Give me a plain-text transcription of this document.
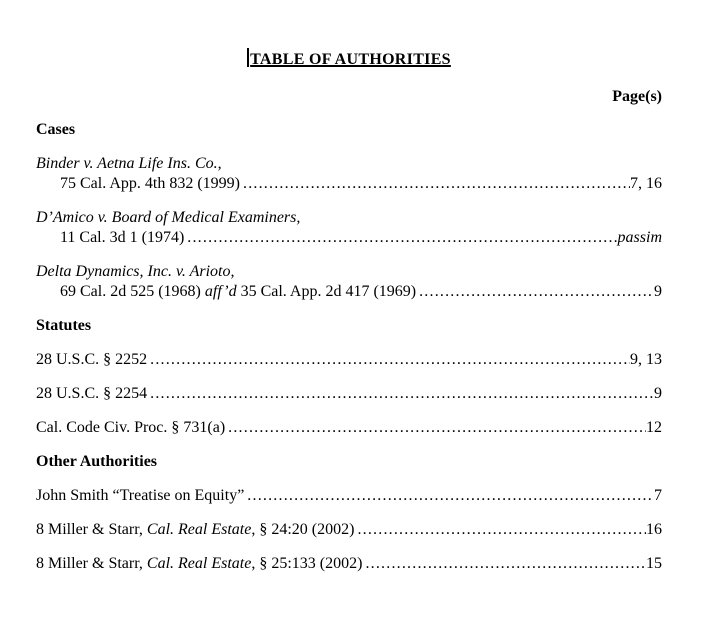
TABLE OF AUTHORITIES
Page(s)
Cases
Binder v. Aetna Life Ins. Co.,
75 Cal. App. 4th 832 (1999) .....	7, 16
D’Amico v. Board of Medical Examiners,
11 Cal. 3d 1 (1974) .....	passim
Delta Dynamics, Inc. v. Arioto,
69 Cal. 2d 525 (1968) aff’d 35 Cal. App. 2d 417 (1969) .....	9
Statutes
28 U.S.C. § 2252 .....	9, 13
28 U.S.C. § 2254 .....	9
Cal. Code Civ. Proc. § 731(a) .....	12
Other Authorities
John Smith “Treatise on Equity” .....	7
8 Miller & Starr, Cal. Real Estate, § 24:20 (2002) .....	16
8 Miller & Starr, Cal. Real Estate, § 25:133 (2002) .....	15
